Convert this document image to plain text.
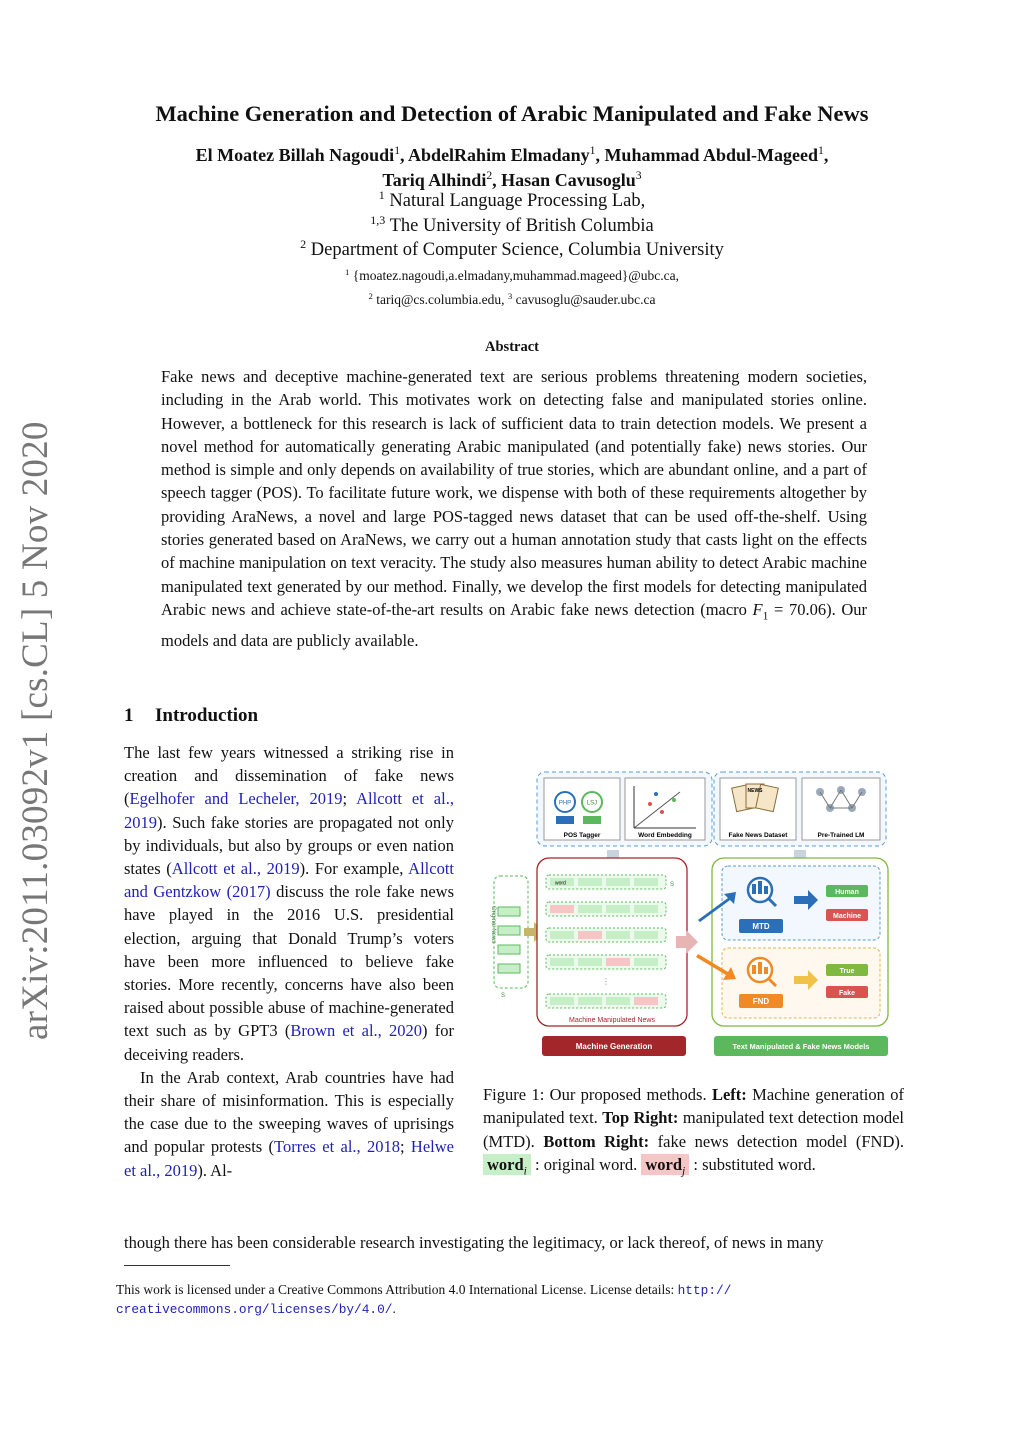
arXiv:2011.03092v1 [cs.CL] 5 Nov 2020
Machine Generation and Detection of Arabic Manipulated and Fake News
El Moatez Billah Nagoudi$^1$, AbdelRahim Elmadany$^1$, Muhammad Abdul-Mageed$^1$,
Tariq Alhindi$^2$, Hasan Cavusoglu$^3$
$^1$ Natural Language Processing Lab,
$^{1,3}$ The University of British Columbia
$^2$ Department of Computer Science, Columbia University
$^1$ {moatez.nagoudi,a.elmadany,muhammad.mageed}@ubc.ca,
$^2$ tariq@cs.columbia.edu, $^3$ cavusoglu@sauder.ubc.ca
Abstract
Fake news and deceptive machine-generated text are serious problems threatening modern societies, including in the Arab world. This motivates work on detecting false and manipulated stories online. However, a bottleneck for this research is lack of sufficient data to train detection models. We present a novel method for automatically generating Arabic manipulated (and potentially fake) news stories. Our method is simple and only depends on availability of true stories, which are abundant online, and a part of speech tagger (POS). To facilitate future work, we dispense with both of these requirements altogether by providing AraNews, a novel and large POS-tagged news dataset that can be used off-the-shelf. Using stories generated based on AraNews, we carry out a human annotation study that casts light on the effects of machine manipulation on text veracity. The study also measures human ability to detect Arabic machine manipulated text generated by our method. Finally, we develop the first models for detecting manipulated Arabic news and achieve state-of-the-art results on Arabic fake news detection (macro $F_1 = 70.06$). Our models and data are publicly available.
1 Introduction

The last few years witnessed a striking rise in creation and dissemination of fake news (Egelhofer and Lecheler, 2019; Allcott et al., 2019). Such fake stories are propagated not only by individuals, but also by groups or even nation states (Allcott et al., 2019). For example, Allcott and Gentzkow (2017) discuss the role fake news have played in the 2016 U.S. presidential election, arguing that Donald Trump’s voters have been more influenced to believe fake stories. More recently, concerns have also been raised about possible abuse of machine-generated text such as by GPT3 (Brown et al., 2020) for deceiving readers.

In the Arab context, Arab countries have had their share of misinformation. This is especially the case due to the sweeping waves of uprisings and popular protests (Torres et al., 2018; Helwe et al., 2019). Al-

though there has been considerable research investigating the legitimacy, or lack thereof, of news in many
PHP	LSJ
POS Tagger	Word Embedding
NEWS
Fake News Dataset	Pre-Trained LM
Original News
S
word	S
⋮
Machine Manipulated News
Machine Generation
MTD
Human
Machine
FND
True
Fake
Text Manipulated & Fake News Models
Figure 1: Our proposed methods. Left: Machine generation of manipulated text. Top Right: manipulated text detection model (MTD). Bottom Right: fake news detection model (FND). word$_i$ : original word. word$_j$ : substituted word.
This work is licensed under a Creative Commons Attribution 4.0 International License. License details: http://
creativecommons.org/licenses/by/4.0/.
